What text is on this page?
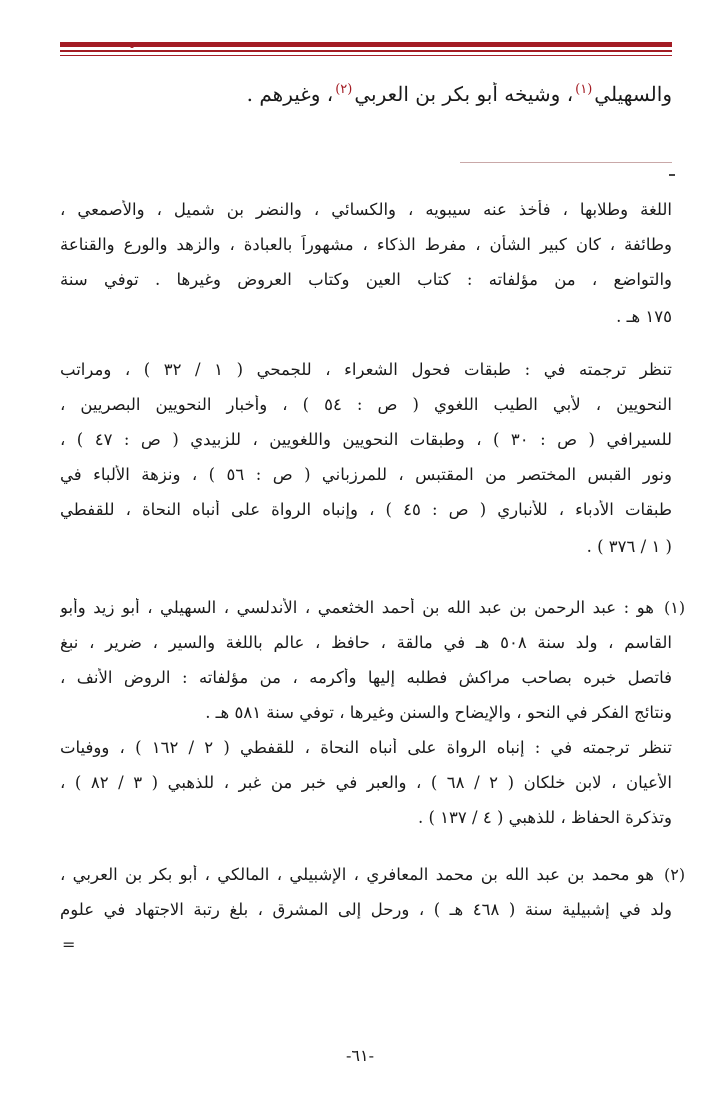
والسهيلي$^{(١)}$، وشيخه أبو بكر بن العربي$^{(٢)}$، وغيرهم .
اللغة وطلابها ، فأخذ عنه سيبويه ، والكسائي ، والنضر بن شميل ، والأصمعي ،
وطائفة ، كان كبير الشأن ، مفرط الذكاء ، مشهوراً بالعبادة ، والزهد والورع والقناعة
والتواضع ، من مؤلفاته : كتاب العين وكتاب العروض وغيرها . توفي سنة
١٧٥ هـ .
تنظر ترجمته في : طبقات فحول الشعراء ، للجمحي ( ١ / ٣٢ ) ، ومراتب
النحويين ، لأبي الطيب اللغوي ( ص : ٥٤ ) ، وأخبار النحويين البصريين ،
للسيرافي ( ص : ٣٠ ) ، وطبقات النحويين واللغويين ، للزبيدي ( ص : ٤٧ ) ،
ونور القبس المختصر من المقتبس ، للمرزباني ( ص : ٥٦ ) ، ونزهة الألباء في
طبقات الأدباء ، للأنباري ( ص : ٤٥ ) ، وإنباه الرواة على أنباه النحاة ، للقفطي
( ١ / ٣٧٦ ) .
(١)
هو : عبد الرحمن بن عبد الله بن أحمد الخثعمي ، الأندلسي ، السهيلي ، أبو زيد وأبو
القاسم ، ولد سنة ٥٠٨ هـ في مالقة ، حافظ ، عالم باللغة والسير ، ضرير ، نبغ
فاتصل خبره بصاحب مراكش فطلبه إليها وأكرمه ، من مؤلفاته : الروض الأنف ،
ونتائج الفكر في النحو ، والإيضاح والسنن وغيرها ، توفي سنة ٥٨١ هـ .
تنظر ترجمته في : إنباه الرواة على أنباه النحاة ، للقفطي ( ٢ / ١٦٢ ) ، ووفيات
الأعيان ، لابن خلكان ( ٢ / ٦٨ ) ، والعبر في خبر من غبر ، للذهبي ( ٣ / ٨٢ ) ،
وتذكرة الحفاظ ، للذهبي ( ٤ / ١٣٧ ) .
(٢)
هو محمد بن عبد الله بن محمد المعافري ، الإشبيلي ، المالكي ، أبو بكر بن العربي ،
ولد في إشبيلية سنة ( ٤٦٨ هـ ) ، ورحل إلى المشرق ، بلغ رتبة الاجتهاد في علوم
=
-٦١-
